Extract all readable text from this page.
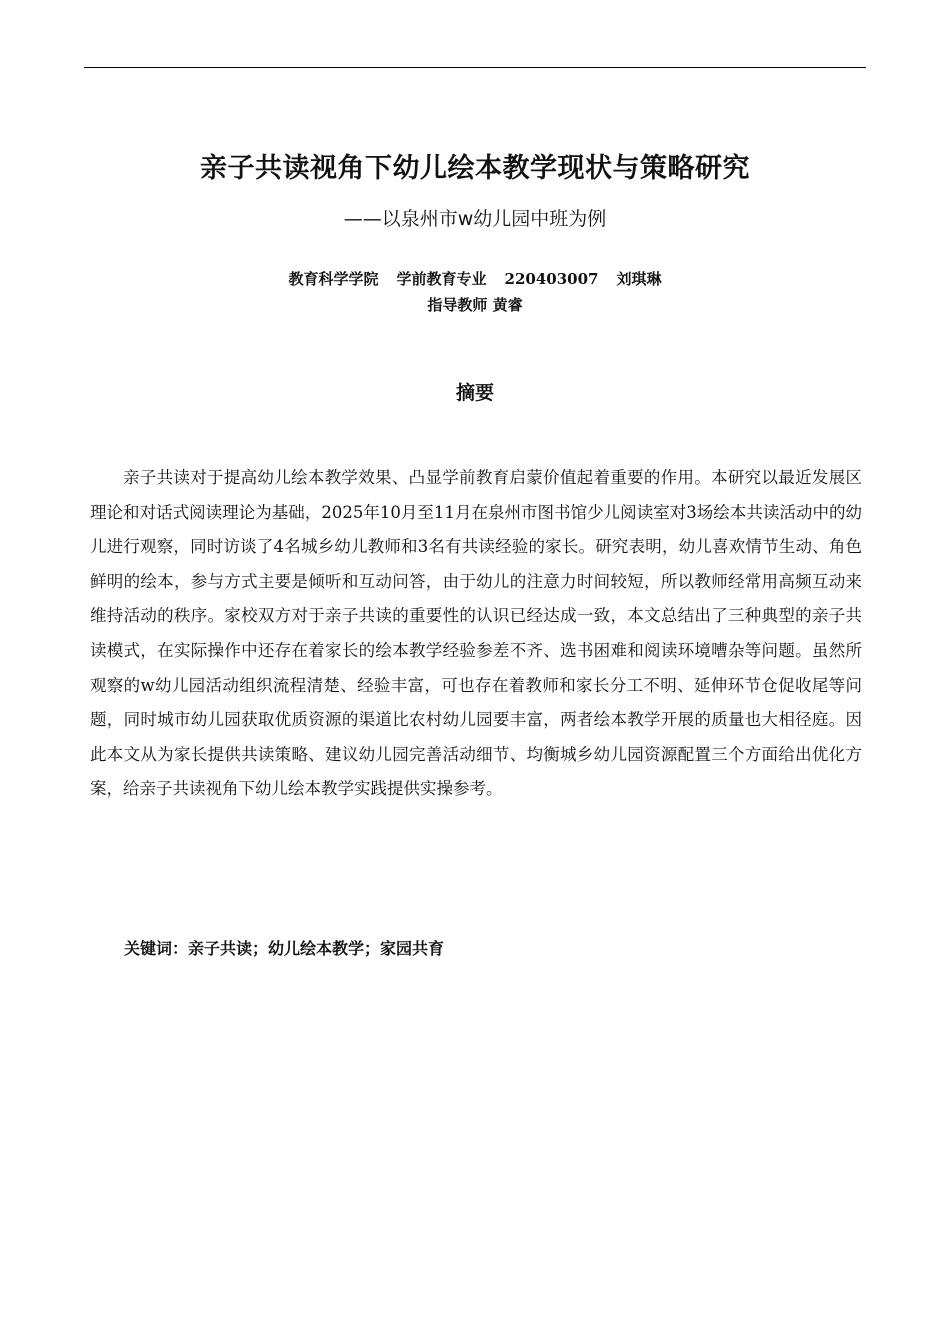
亲子共读视角下幼儿绘本教学现状与策略研究
——以泉州市w幼儿园中班为例
教育科学学院 学前教育专业 220403007 刘琪琳
指导教师 黄睿
摘要

亲子共读对于提高幼儿绘本教学效果、凸显学前教育启蒙价值起着重要的作用。本研究以最近发展区理论和对话式阅读理论为基础，2025年10月至11月在泉州市图书馆少儿阅读室对3场绘本共读活动中的幼儿进行观察，同时访谈了4名城乡幼儿教师和3名有共读经验的家长。研究表明，幼儿喜欢情节生动、角色鲜明的绘本，参与方式主要是倾听和互动问答，由于幼儿的注意力时间较短，所以教师经常用高频互动来维持活动的秩序。家校双方对于亲子共读的重要性的认识已经达成一致，本文总结出了三种典型的亲子共读模式，在实际操作中还存在着家长的绘本教学经验参差不齐、选书困难和阅读环境嘈杂等问题。虽然所观察的w幼儿园活动组织流程清楚、经验丰富，可也存在着教师和家长分工不明、延伸环节仓促收尾等问题，同时城市幼儿园获取优质资源的渠道比农村幼儿园要丰富，两者绘本教学开展的质量也大相径庭。因此本文从为家长提供共读策略、建议幼儿园完善活动细节、均衡城乡幼儿园资源配置三个方面给出优化方案，给亲子共读视角下幼儿绘本教学实践提供实操参考。

关键词：亲子共读；幼儿绘本教学；家园共育
